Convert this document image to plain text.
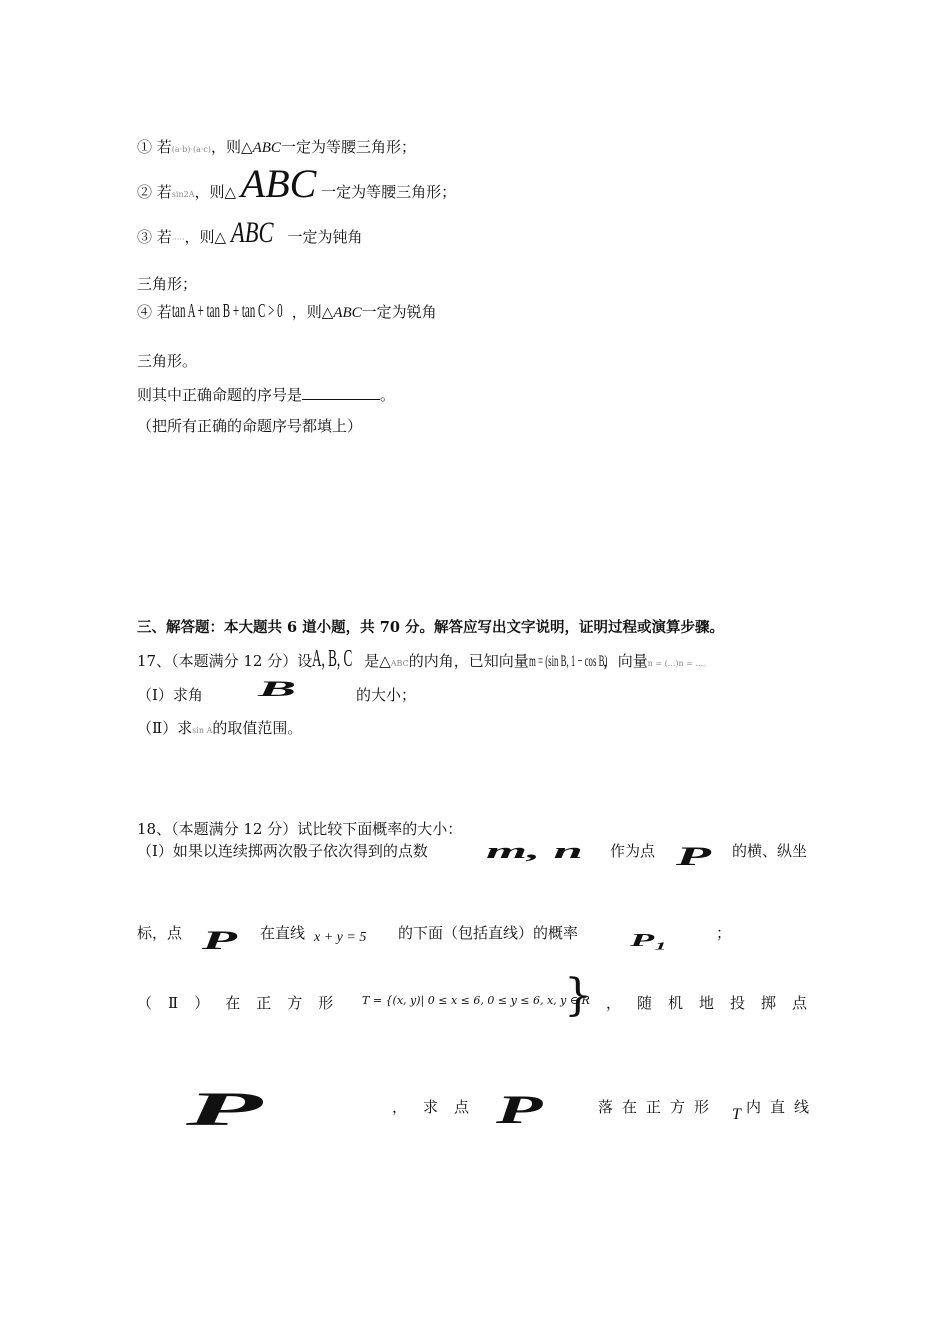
① 若(a·b)·(a·c)，则△ABC一定为等腰三角形；
② 若sin2A，则△ ABC 一定为等腰三角形；
③ 若·····，则△ ABC 一定为钝角
三角形；
④ 若tan A + tan B + tan C > 0 ，则△ABC一定为锐角
三角形。
则其中正确命题的序号是	。
（把所有正确的命题序号都填上）
三、解答题：本大题共 6 道小题，共 70 分。解答应写出文字说明，证明过程或演算步骤。
17、（本题满分 12 分）设A, B, C 是△ABC的内角，已知向量m = (sin B, 1 − cos B)，向量n = (...)n = ...。
（Ⅰ）求角	B	的大小；
（Ⅱ）求sin A的取值范围。
18、（本题满分 12 分）试比较下面概率的大小：
（Ⅰ）如果以连续掷两次骰子依次得到的点数	m, n 作为点 P 的横、纵坐
标，点 P 在直线 x + y = 5 的下面（包括直线）的概率	P₁	；
（Ⅱ）在正方形 T = {(x, y)| 0 ≤ x ≤ 6, 0 ≤ y ≤ 6, x, y ∈ R
} ，随机地投掷点
P	，求点 P	落在正方形 T 内直线
